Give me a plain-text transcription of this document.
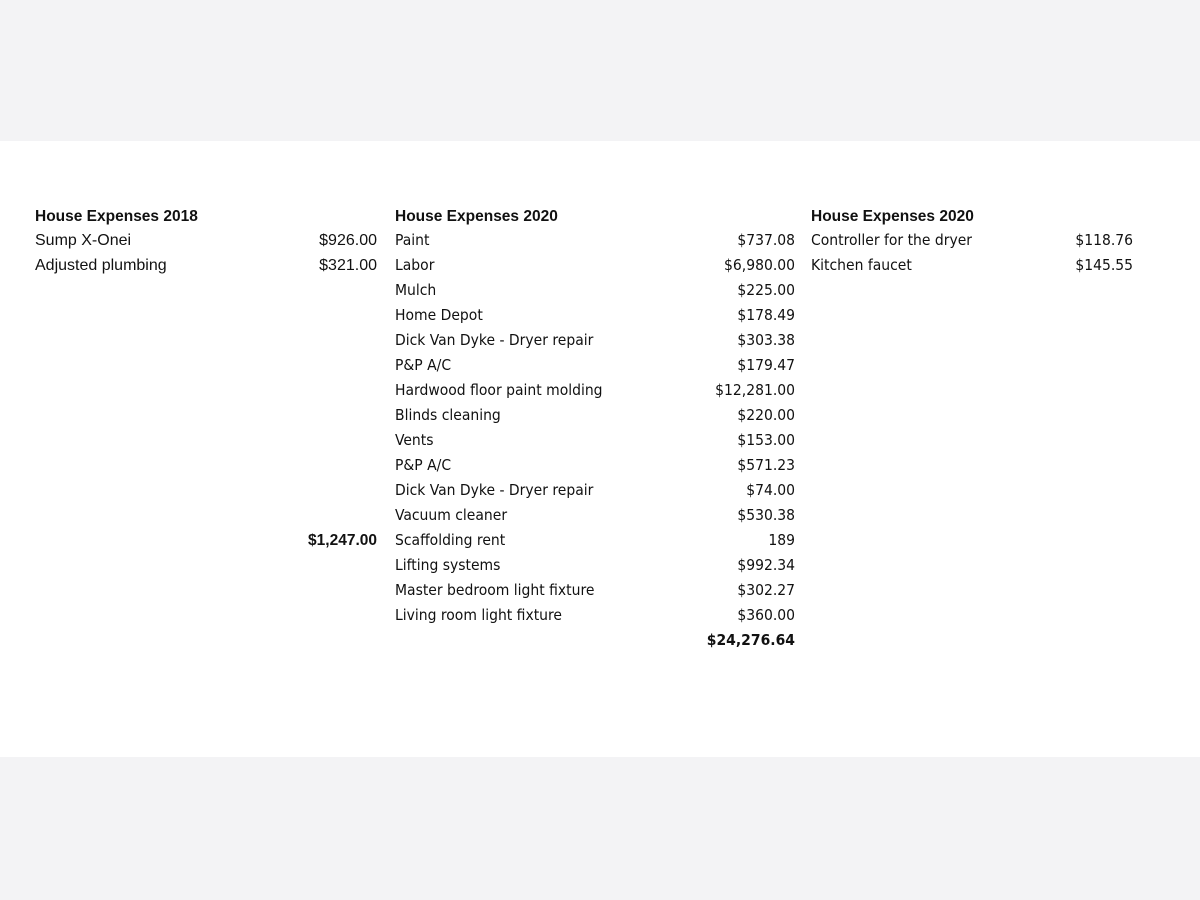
House Expenses 2018
Sump X-Onei	$926.00
Adjusted plumbing	$321.00
$1,247.00
House Expenses 2020
Paint	$737.08
Labor	$6,980.00
Mulch	$225.00
Home Depot	$178.49
Dick Van Dyke - Dryer repair	$303.38
P&P A/C	$179.47
Hardwood floor paint molding	$12,281.00
Blinds cleaning	$220.00
Vents	$153.00
P&P A/C	$571.23
Dick Van Dyke - Dryer repair	$74.00
Vacuum cleaner	$530.38
Scaffolding rent	189
Lifting systems	$992.34
Master bedroom light fixture	$302.27
Living room light fixture	$360.00
$24,276.64
House Expenses 2020
Controller for the dryer	$118.76
Kitchen faucet	$145.55
